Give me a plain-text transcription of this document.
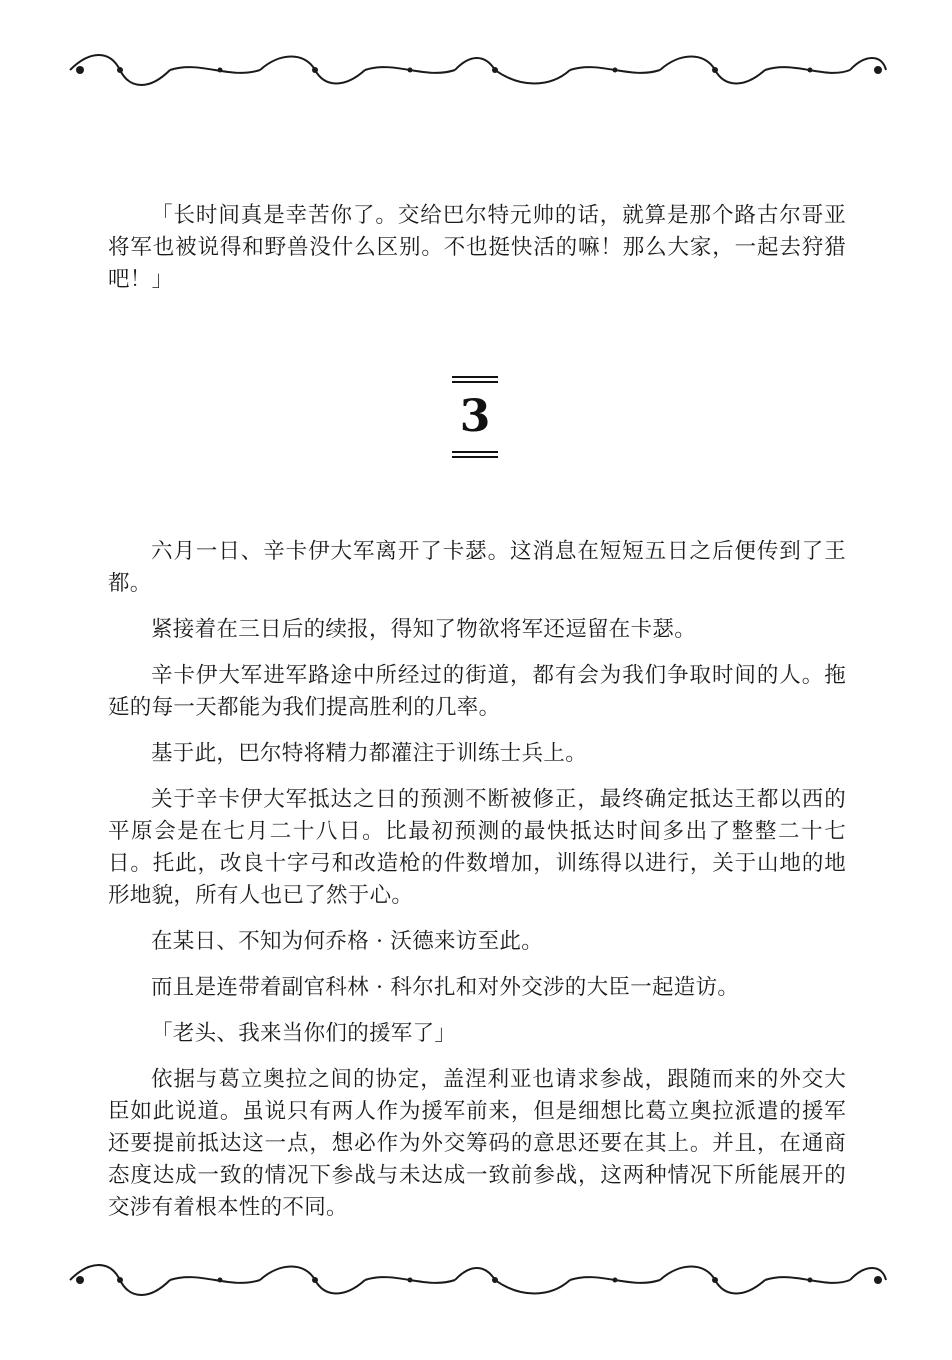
「长时间真是幸苦你了。交给巴尔特元帅的话，就算是那个路古尔哥亚将军也被说得和野兽没什么区别。不也挺快活的嘛！那么大家，一起去狩猎吧！」

3

六月一日、辛卡伊大军离开了卡瑟。这消息在短短五日之后便传到了王都。

紧接着在三日后的续报，得知了物欲将军还逗留在卡瑟。

辛卡伊大军进军路途中所经过的街道，都有会为我们争取时间的人。拖延的每一天都能为我们提高胜利的几率。

基于此，巴尔特将精力都灌注于训练士兵上。

关于辛卡伊大军抵达之日的预测不断被修正，最终确定抵达王都以西的平原会是在七月二十八日。比最初预测的最快抵达时间多出了整整二十七日。托此，改良十字弓和改造枪的件数增加，训练得以进行，关于山地的地形地貌，所有人也已了然于心。

在某日、不知为何乔格 · 沃德来访至此。

而且是连带着副官科林 · 科尔扎和对外交涉的大臣一起造访。

「老头、我来当你们的援军了」

依据与葛立奥拉之间的协定，盖涅利亚也请求参战，跟随而来的外交大臣如此说道。虽说只有两人作为援军前来，但是细想比葛立奥拉派遣的援军还要提前抵达这一点，想必作为外交筹码的意思还要在其上。并且，在通商态度达成一致的情况下参战与未达成一致前参战，这两种情况下所能展开的交涉有着根本性的不同。
